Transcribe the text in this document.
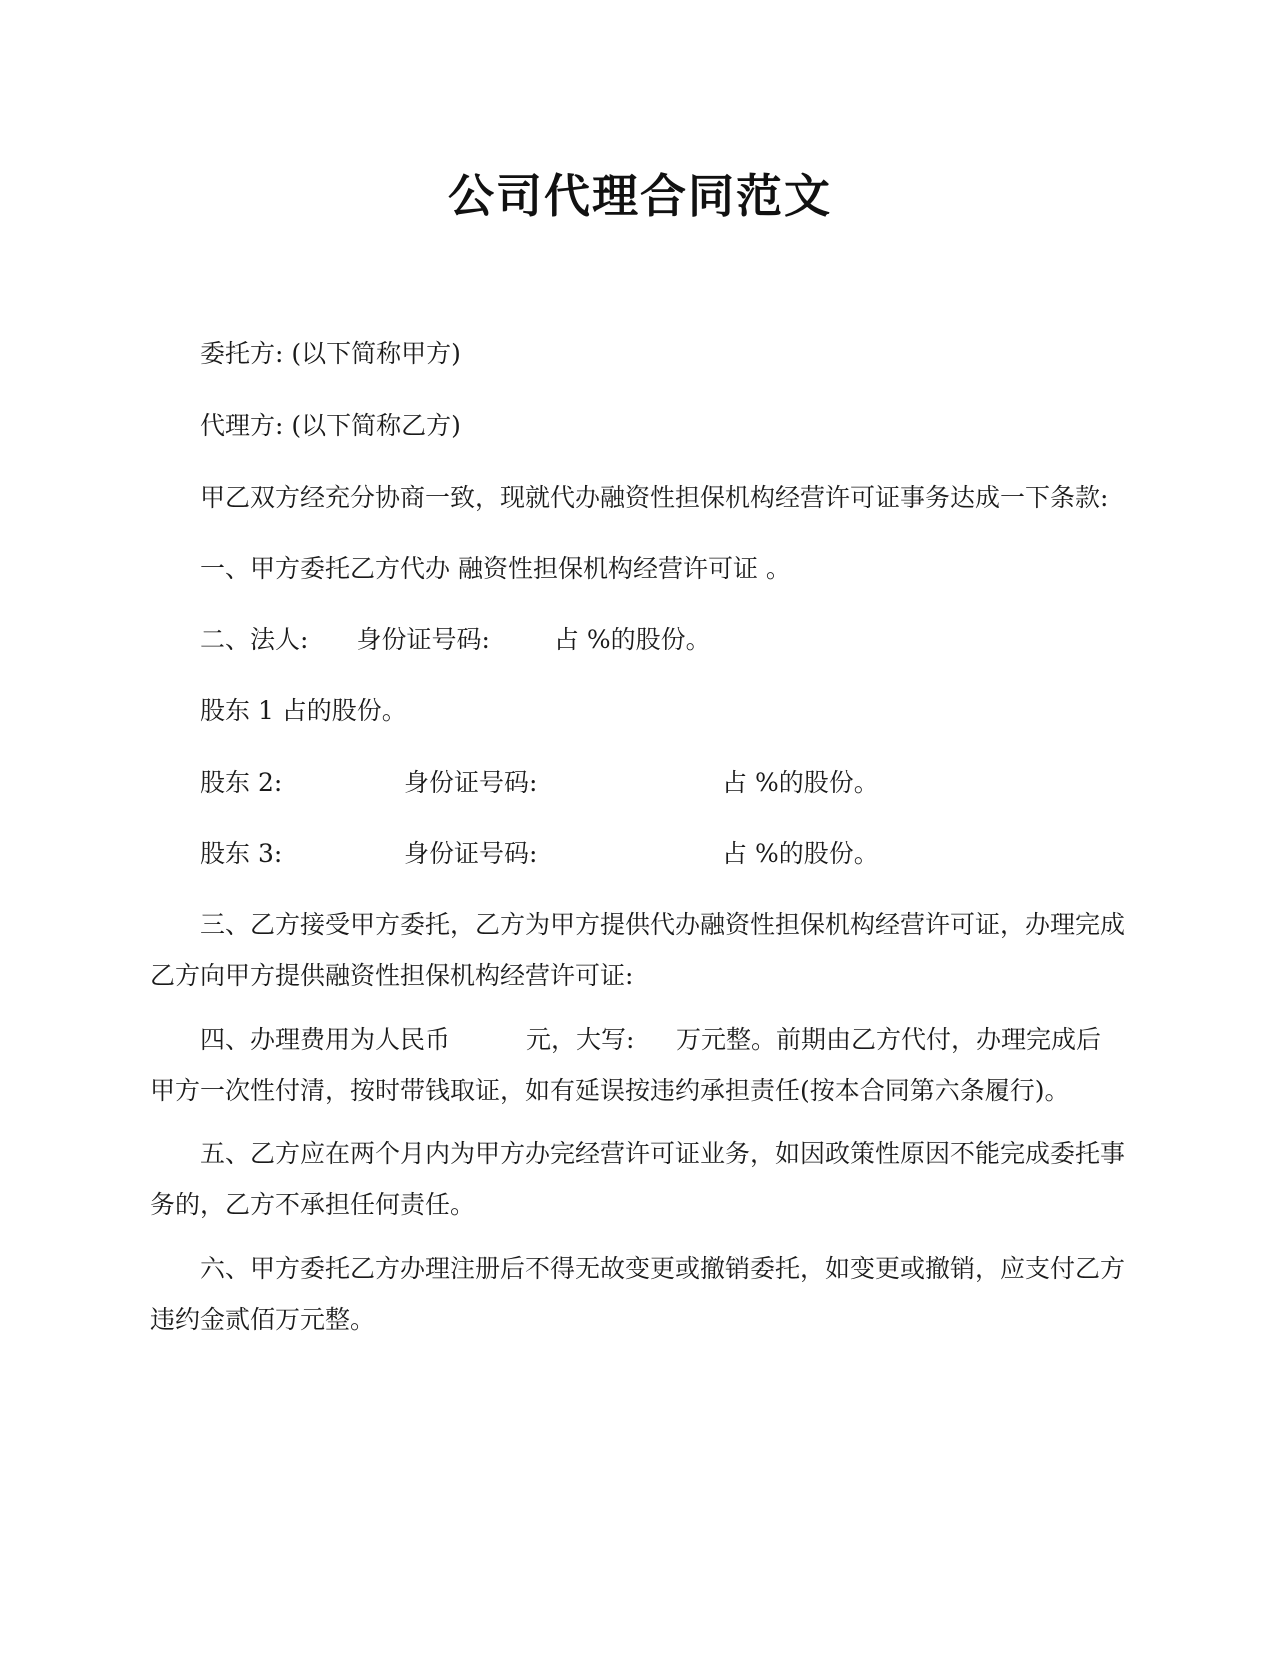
公司代理合同范文
委托方: (以下简称甲方)
代理方: (以下简称乙方)
甲乙双方经充分协商一致，现就代办融资性担保机构经营许可证事务达成一下条款:
一、甲方委托乙方代办 融资性担保机构经营许可证 。
二、法人: 身份证号码:	占 %的股份。
股东 1 占的股份。
股东 2:	身份证号码:	占 %的股份。
股东 3:	身份证号码:	占 %的股份。
三、乙方接受甲方委托，乙方为甲方提供代办融资性担保机构经营许可证，办理完成
乙方向甲方提供融资性担保机构经营许可证:
四、办理费用为人民币	元，大写: 万元整。前期由乙方代付，办理完成后
甲方一次性付清，按时带钱取证，如有延误按违约承担责任(按本合同第六条履行)。
五、乙方应在两个月内为甲方办完经营许可证业务，如因政策性原因不能完成委托事
务的，乙方不承担任何责任。
六、甲方委托乙方办理注册后不得无故变更或撤销委托，如变更或撤销，应支付乙方
违约金贰佰万元整。
